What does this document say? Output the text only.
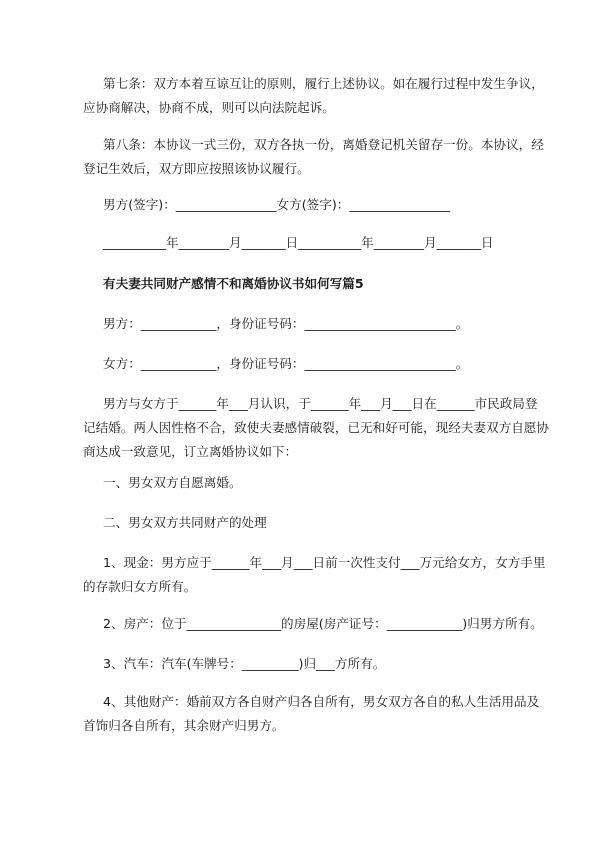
第七条：双方本着互谅互让的原则，履行上述协议。如在履行过程中发生争议，
应协商解决，协商不成，则可以向法院起诉。
第八条：本协议一式三份，双方各执一份，离婚登记机关留存一份。本协议，经
登记生效后，双方即应按照该协议履行。
男方(签字)：________________女方(签字)：________________
__________年________月_______日__________年________月_______日
有夫妻共同财产感情不和离婚协议书如何写篇5
男方：____________，身份证号码：________________________。
女方：____________，身份证号码：________________________。
男方与女方于______年___月认识，于______年___月___日在______市民政局登
记结婚。两人因性格不合，致使夫妻感情破裂，已无和好可能，现经夫妻双方自愿协
商达成一致意见，订立离婚协议如下：
一、男女双方自愿离婚。
二、男女双方共同财产的处理
1、现金：男方应于______年___月___日前一次性支付___万元给女方，女方手里
的存款归女方所有。
2、房产：位于_______________的房屋(房产证号：____________)归男方所有。
3、汽车：汽车(车牌号：_________)归___方所有。
4、其他财产：婚前双方各自财产归各自所有，男女双方各自的私人生活用品及
首饰归各自所有，其余财产归男方。
